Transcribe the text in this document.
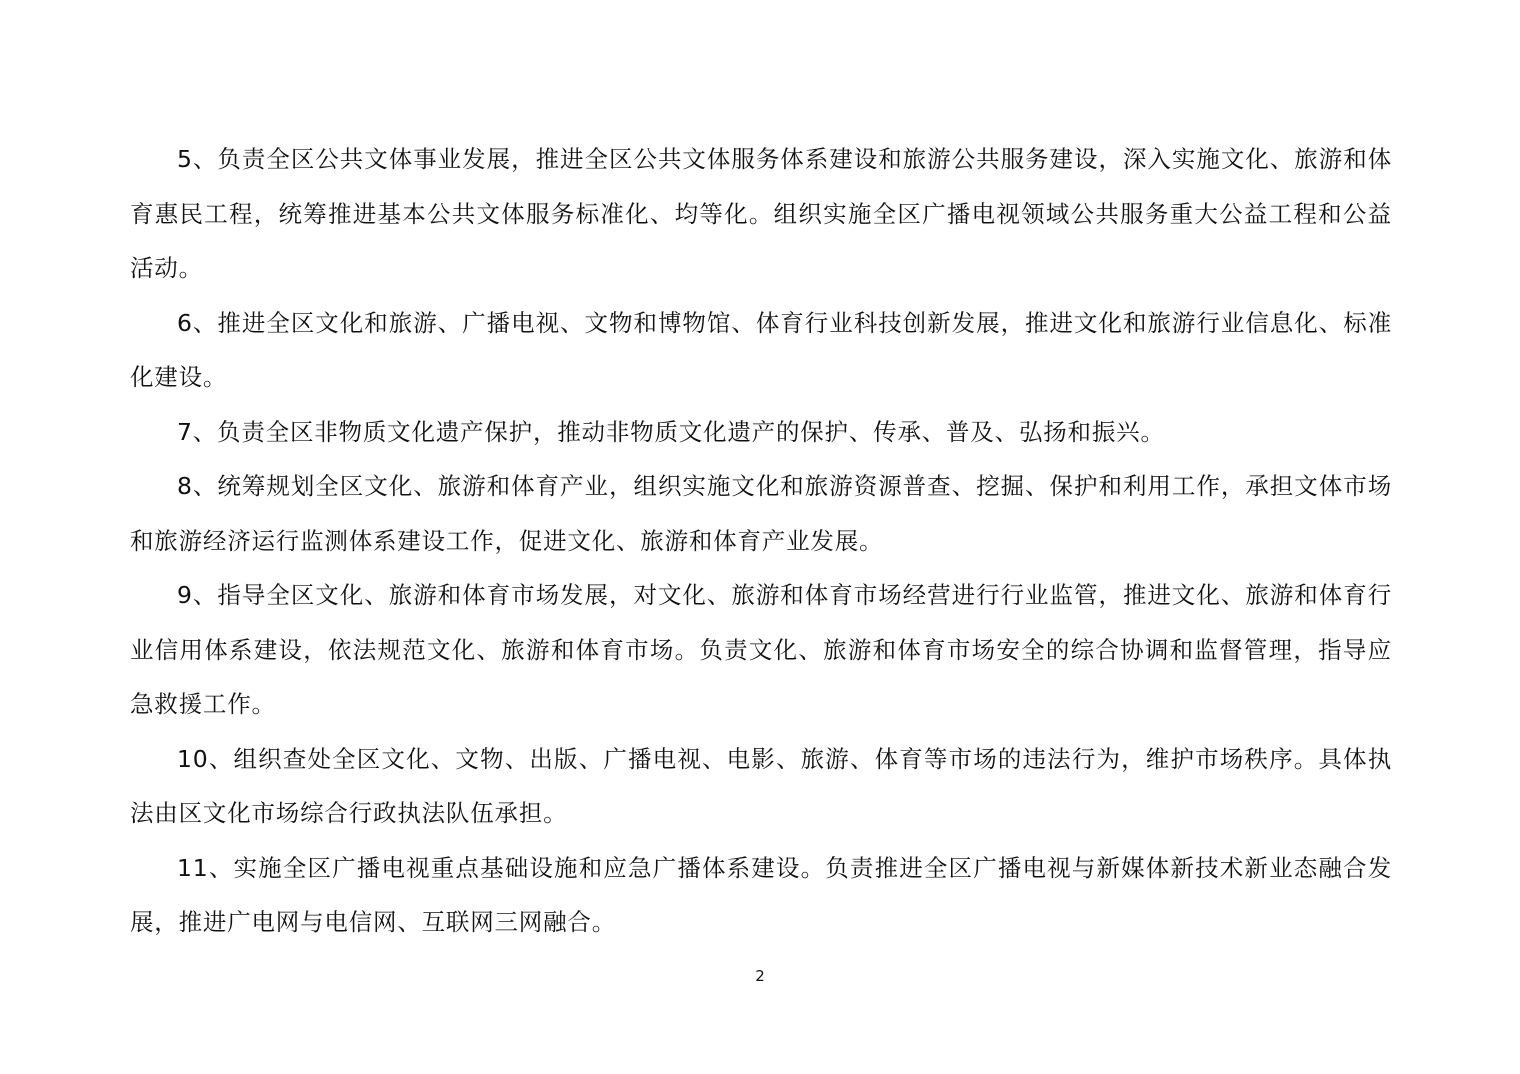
5、负责全区公共文体事业发展，推进全区公共文体服务体系建设和旅游公共服务建设，深入实施文化、旅游和体育惠民工程，统筹推进基本公共文体服务标准化、均等化。组织实施全区广播电视领域公共服务重大公益工程和公益活动。

6、推进全区文化和旅游、广播电视、文物和博物馆、体育行业科技创新发展，推进文化和旅游行业信息化、标准化建设。

7、负责全区非物质文化遗产保护，推动非物质文化遗产的保护、传承、普及、弘扬和振兴。

8、统筹规划全区文化、旅游和体育产业，组织实施文化和旅游资源普查、挖掘、保护和利用工作，承担文体市场和旅游经济运行监测体系建设工作，促进文化、旅游和体育产业发展。

9、指导全区文化、旅游和体育市场发展，对文化、旅游和体育市场经营进行行业监管，推进文化、旅游和体育行业信用体系建设，依法规范文化、旅游和体育市场。负责文化、旅游和体育市场安全的综合协调和监督管理，指导应急救援工作。

10、组织查处全区文化、文物、出版、广播电视、电影、旅游、体育等市场的违法行为，维护市场秩序。具体执法由区文化市场综合行政执法队伍承担。

11、实施全区广播电视重点基础设施和应急广播体系建设。负责推进全区广播电视与新媒体新技术新业态融合发展，推进广电网与电信网、互联网三网融合。

2
